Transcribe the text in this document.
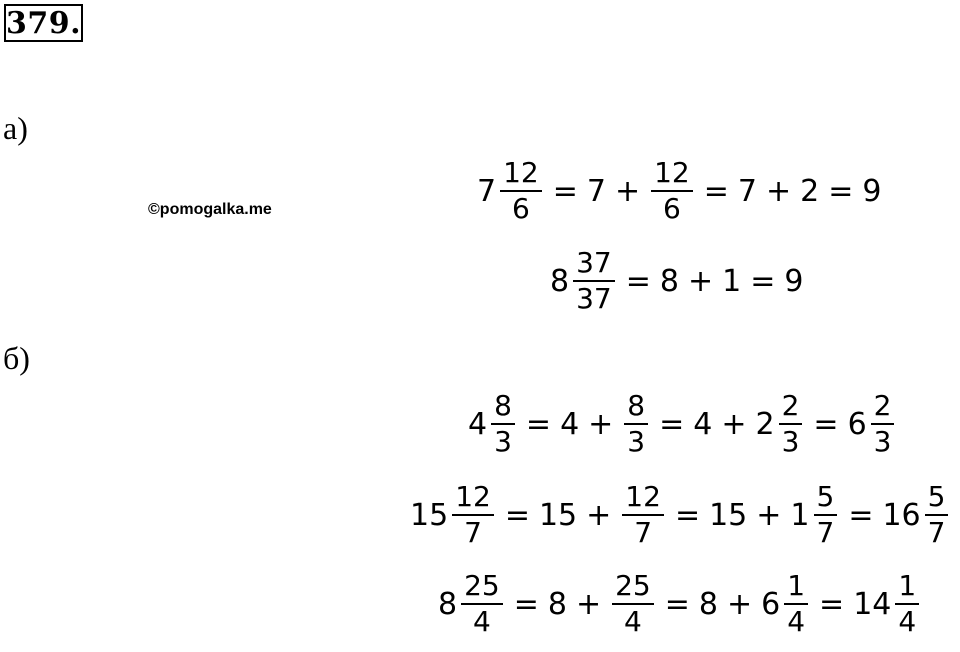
379.
а)
©pomogalka.me
$7 \frac{12}{6} = 7 + \frac{12}{6} = 7 + 2 = 9$
$8 \frac{37}{37} = 8 + 1 = 9$
б)
$4 \frac{8}{3} = 4 + \frac{8}{3} = 4 + 2 \frac{2}{3} = 6 \frac{2}{3}$
$15 \frac{12}{7} = 15 + \frac{12}{7} = 15 + 1 \frac{5}{7} = 16 \frac{5}{7}$
$8 \frac{25}{4} = 8 + \frac{25}{4} = 8 + 6 \frac{1}{4} = 14 \frac{1}{4}$
